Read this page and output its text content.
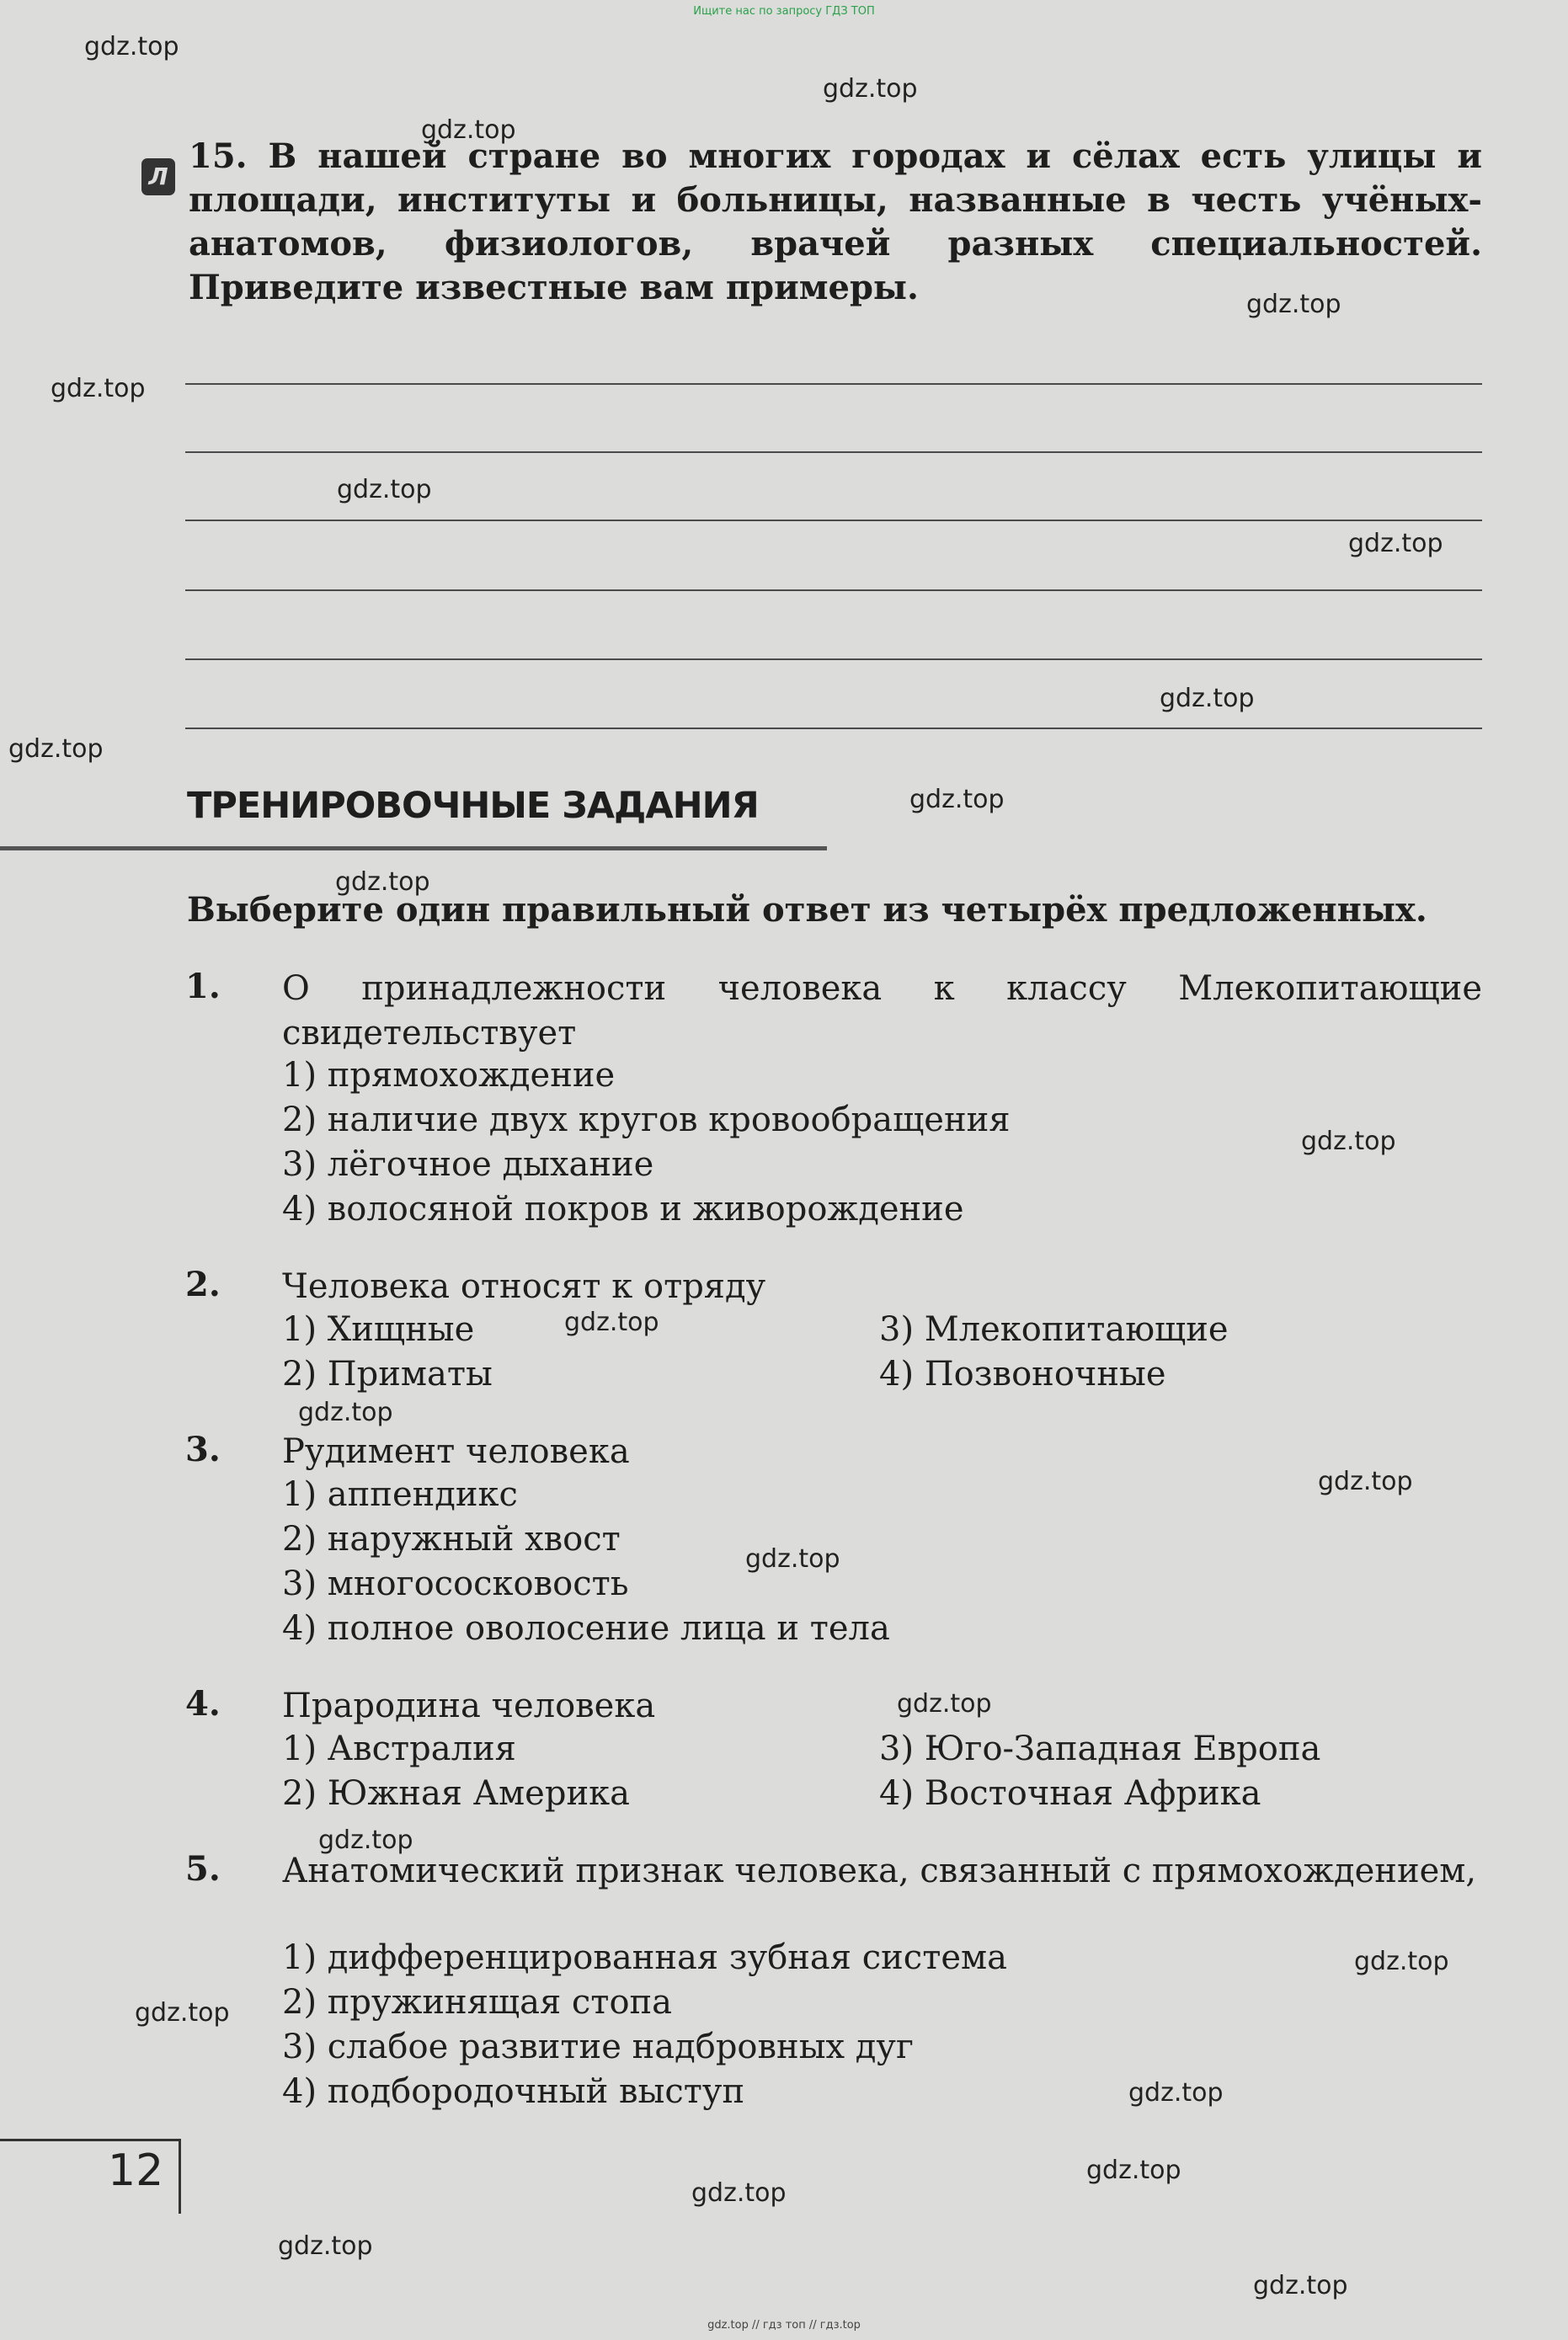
Ищите нас по запросу ГДЗ ТОП
gdz.top
gdz.top
gdz.top
gdz.top
gdz.top
gdz.top
gdz.top
gdz.top
gdz.top
gdz.top
gdz.top
gdz.top
gdz.top
gdz.top
gdz.top
gdz.top
gdz.top
gdz.top
gdz.top
gdz.top
gdz.top
gdz.top
gdz.top
gdz.top
Л
15. В нашей стране во многих городах и сёлах есть улицы и площади, институты и больницы, названные в честь учёных-анатомов, физиологов, врачей разных специальностей. Приведите известные вам примеры.
ТРЕНИРОВОЧНЫЕ ЗАДАНИЯ
Выберите один правильный ответ из четырёх предложенных.
1. О принадлежности человека к классу Млекопитающие свидетельствует
1) прямохождение
2) наличие двух кругов кровообращения
3) лёгочное дыхание
4) волосяной покров и живорождение
2. Человека относят к отряду
1) Хищные
2) Приматы
3) Млекопитающие
4) Позвоночные
3. Рудимент человека
1) аппендикс
2) наружный хвост
3) многососковость
4) полное оволосение лица и тела
4. Прародина человека
1) Австралия
2) Южная Америка
3) Юго-Западная Европа
4) Восточная Африка
5. Анатомический признак человека, связанный с прямохождением,
1) дифференцированная зубная система
2) пружинящая стопа
3) слабое развитие надбровных дуг
4) подбородочный выступ
12	gdz.top
gdz.top // гдз топ // гдз.top
